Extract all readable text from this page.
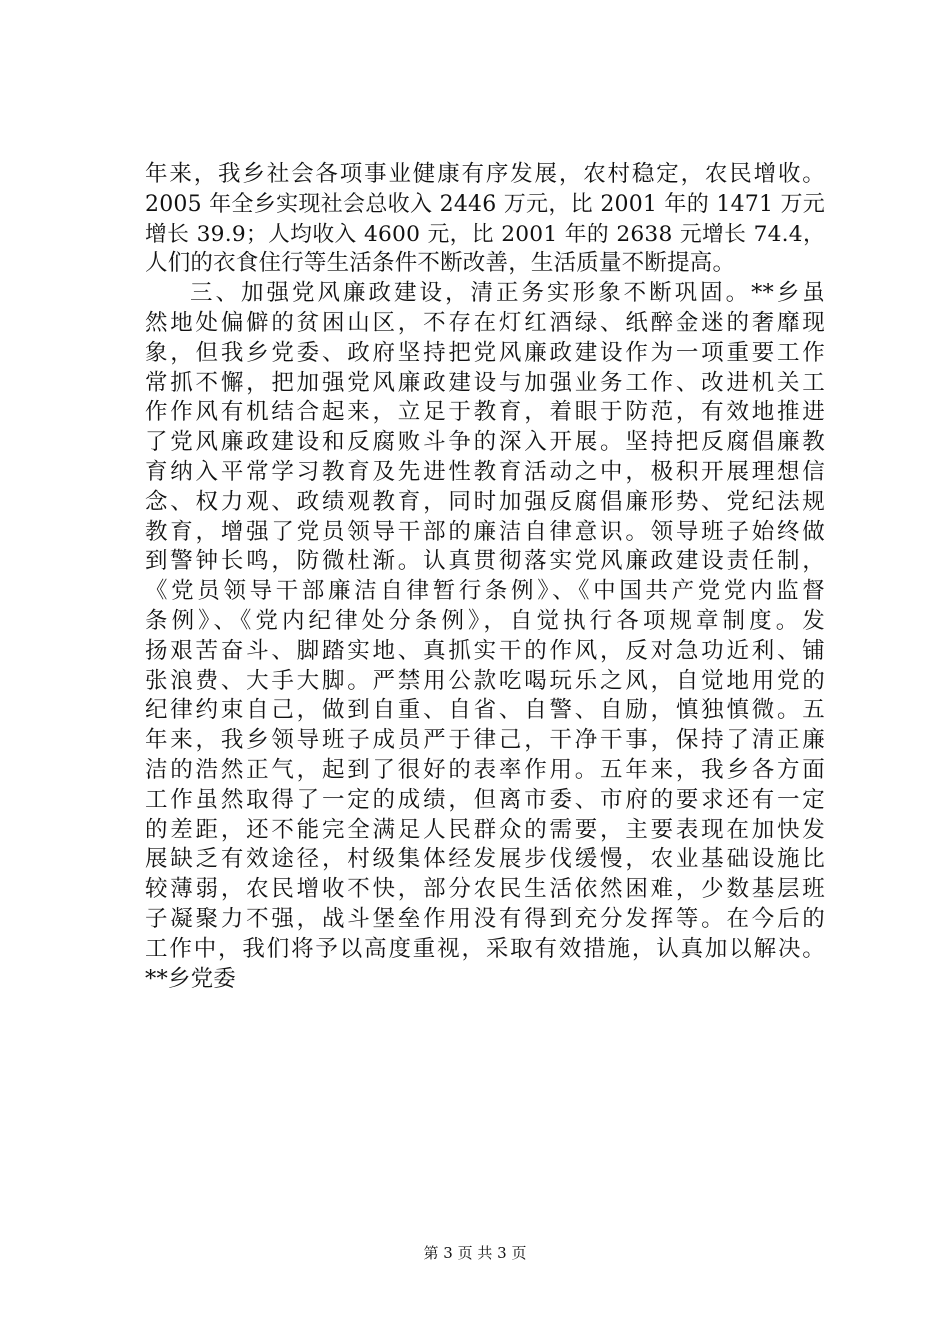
年来，我乡社会各项事业健康有序发展，农村稳定，农民增收。
2005 年全乡实现社会总收入 2446 万元，比 2001 年的 1471 万元
增长 39.9；人均收入 4600 元，比 2001 年的 2638 元增长 74.4，
人们的衣食住行等生活条件不断改善，生活质量不断提高。
三、加强党风廉政建设，清正务实形象不断巩固。**乡虽
然地处偏僻的贫困山区，不存在灯红酒绿、纸醉金迷的奢靡现
象，但我乡党委、政府坚持把党风廉政建设作为一项重要工作
常抓不懈，把加强党风廉政建设与加强业务工作、改进机关工
作作风有机结合起来，立足于教育，着眼于防范，有效地推进
了党风廉政建设和反腐败斗争的深入开展。坚持把反腐倡廉教
育纳入平常学习教育及先进性教育活动之中，极积开展理想信
念、权力观、政绩观教育，同时加强反腐倡廉形势、党纪法规
教育，增强了党员领导干部的廉洁自律意识。领导班子始终做
到警钟长鸣，防微杜渐。认真贯彻落实党风廉政建设责任制，
《党员领导干部廉洁自律暂行条例》、《中国共产党党内监督
条例》、《党内纪律处分条例》，自觉执行各项规章制度。发
扬艰苦奋斗、脚踏实地、真抓实干的作风，反对急功近利、铺
张浪费、大手大脚。严禁用公款吃喝玩乐之风，自觉地用党的
纪律约束自己，做到自重、自省、自警、自励，慎独慎微。五
年来，我乡领导班子成员严于律己，干净干事，保持了清正廉
洁的浩然正气，起到了很好的表率作用。五年来，我乡各方面
工作虽然取得了一定的成绩，但离市委、市府的要求还有一定
的差距，还不能完全满足人民群众的需要，主要表现在加快发
展缺乏有效途径，村级集体经发展步伐缓慢，农业基础设施比
较薄弱，农民增收不快，部分农民生活依然困难，少数基层班
子凝聚力不强，战斗堡垒作用没有得到充分发挥等。在今后的
工作中，我们将予以高度重视，采取有效措施，认真加以解决。
**乡党委
第 3 页 共 3 页
